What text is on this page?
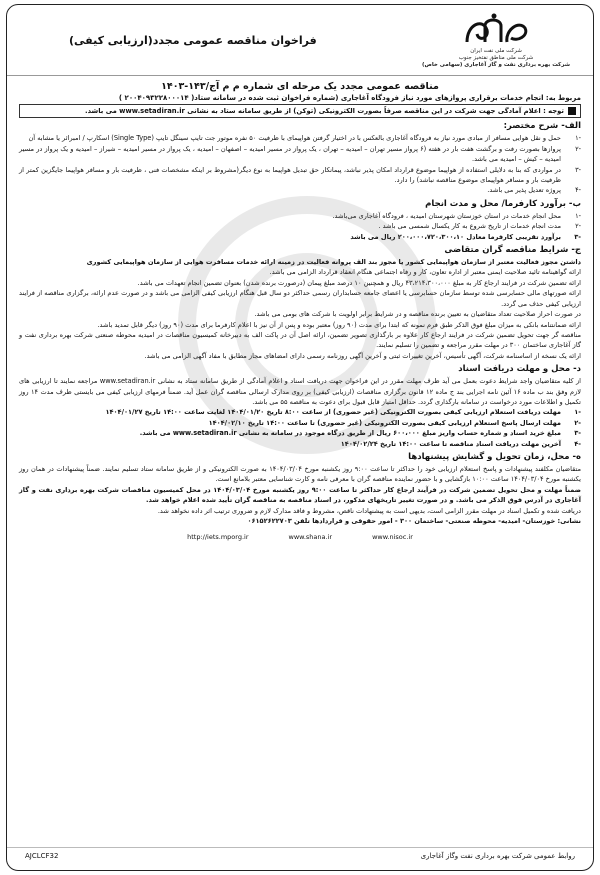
شرکت ملی نفت ایران
شرکت ملی مناطق نفتخیز جنوب
شرکت بهره برداری نفت و گاز آغاجاری (سهامی خاص)
فراخوان مناقصه عمومی مجدد(ارزیابی کیفی)
مناقصه عمومی مجدد یک مرحله ای شماره م م آج/۱۴۳-۱۴۰۳
مربوط به: انجام خدمات برقراری پروازهای مورد نیاز فرودگاه آغاجاری (شماره فراخوان ثبت شده در سامانه ستاد( ۲۰۰۴۰۹۳۲۲۸۰۰۰۱۴ )
توجه : اعلام آمادگی جهت شرکت در این مناقصه صرفاً بصورت الکترونیکی (توکن) از طریق سامانه ستاد به نشانی www.setadiran.ir می باشد.
الف- شرح مختصر:
-۱
حمل و نقل هوایی مسافر از مبادی مورد نیاز به فرودگاه آغاجاری بالعکس با در اختیار گرفتن هواپیمای با ظرفیت ۵۰ نفره موتور جت تایپ سینگل تایپ (Single Type) اسکارپ / امبرائر یا مشابه آن
-۲
پروازها بصورت رفت و برگشت هفت بار در هفته (۶ پرواز مسیر تهران – امیدیه – تهران ، یک پرواز در مسیر امیدیه – اصفهان – امیدیه ، یک پرواز در مسیر امیدیه – شیراز – امیدیه و یک پرواز در مسیر امیدیه – کیش – امیدیه می باشد.
-۳
در مواردی که بنا به دلایلی استفاده از هواپیما موضوع قرارداد امکان پذیر نباشد، پیمانکار حق تبدیل هواپیما به نوع دیگر(مشروط بر اینکه مشخصات فنی ، ظرفیت بار و مسافر هواپیما جایگزین کمتر از ظرفیت بار و مسافر هواپیمای موضوع مناقصه نباشد) را دارد.
-۴
پروژه تعدیل پذیر می باشد.
ب- برآورد کارفرما/ محل و مدت انجام
-۱
محل انجام خدمات در استان خوزستان شهرستان امیدیه ، فرودگاه آغاجاری می‌باشد.
-۲
مدت انجام خدمات از تاریخ شروع به کار یکسال شمسی می باشد .
-۳
برآورد تقریبی کارفرما معادل ۲۰۰،۰۰۰،۷۲۰،۳۰۰،۱۰ ریال می باشد
ج- شرایط مناقصه گران متقاضی
داشتن مجوز فعالیت معتبر از سازمان هواپیمایی کشور یا مجوز بند الف پروانه فعالیت در زمینه ارائه خدمات مسافرت هوایی از سازمان هواپیمایی کشوری
ارائه گواهینامه تائید صلاحیت ایمنی معتبر از اداره تعاون، کار و رفاه اجتماعی هنگام انعقاد قرارداد الزامی می باشد.
ارائه تضمین شرکت در فرایند ارجاع کار به مبلغ ۴۳،۲۱۴،۳۰۰،۰۰۰ ریال و همچنین ۱۰ درصد مبلغ پیمان (درصورت برنده شدن) بعنوان تضمین انجام تعهدات می باشد.
ارائه صورتهای مالی حسابرسی شده توسط سازمان حسابرسی یا اعضای جامعه حسابداران رسمی حداکثر دو سال قبل هنگام ارزیابی کیفی الزامی می باشد و در صورت عدم ارائه، برگزاری مناقصه از فرایند ارزیابی کیفی حذف می گردد.
در صورت احراز صلاحیت تعداد متقاضیان به تعیین برنده مناقصه و در شرایط برابر اولویت با شرکت های بومی می باشد.
ارائه ضمانتنامه بانکی به میزان مبلغ فوق الذکر طبق فرم نمونه که ابتدا برای مدت (۹۰ روز) معتبر بوده و پس از آن نیز با اعلام کارفرما برای مدت (۹۰ روز) دیگر قابل تمدید باشد.
مناقصه گر جهت تحویل تضمین شرکت در فرایند ارجاع کار علاوه بر بارگذاری تصویر تضمین، ارائه اصل آن در پاکت الف به دبیرخانه کمیسیون مناقصات در امیدیه محوطه صنعتی شرکت بهره برداری نفت و گاز آغاجاری ساختمان ۳۰۰ در مهلت مقرر مراجعه و تضمین را تسلیم نمایند.
ارائه یک نسخه از اساسنامه شرکت، آگهی تأسیس، آخرین تغییرات ثبتی و آخرین آگهی روزنامه رسمی دارای امضاهای مجاز مطابق با مفاد آگهی الزامی می باشد.
د- محل و مهلت دریافت اسناد
از کلیه متقاضیان واجد شرایط دعوت بعمل می آید ظرف مهلت مقرر در این فراخوان جهت دریافت اسناد و اعلام آمادگی از طریق سامانه ستاد به نشانی www.setadiran.ir مراجعه نمایند تا ارزیابی های لازم وفق بند ب ماده ۱۶ آئین نامه اجرایی بند ج ماده ۱۲ قانون برگزاری مناقصات (ارزیابی کیفی) بر روی مدارک ارسالی مناقصه گران عمل آید. ضمناً فرمهای ارزیابی کیفی می بایستی ظرف مدت ۱۴ روز تکمیل و اطلاعات مورد درخواست در سامانه بارگذاری گردد. حداقل امتیاز قابل قبول برای دعوت به مناقصه ۵۵ می باشد.
-۱
مهلت دریافت استعلام ارزیابی کیفی بصورت الکترونیکی (غیر حضوری) از ساعت ۸:۰۰ تاریخ ۱۴۰۴/۰۱/۲۰ لغایت ساعت ۱۴:۰۰ تاریخ ۱۴۰۴/۰۱/۲۷
-۲
مهلت ارسال پاسخ استعلام ارزیابی کیفی بصورت الکترونیکی (غیر حضوری) تا ساعت ۱۴:۰۰ تاریخ ۱۴۰۴/۰۲/۱۰
-۳
مبلغ خرید اسناد و شماره حساب واریز مبلغ ۶۰۰،۰۰۰ ریال از طریق درگاه موجود در سامانه به نشانی www.setadiran.ir می باشد.
-۴
آخرین مهلت دریافت اسناد مناقصه تا ساعت ۱۴:۰۰ تاریخ ۱۴۰۴/۰۲/۲۴
ه- محل، زمان تحویل و گشایش پیشنهادها
متقاضیان مکلفند پیشنهادات و پاسخ استعلام ارزیابی خود را حداکثر تا ساعت ۹:۰۰ روز یکشنبه مورخ ۱۴۰۴/۰۳/۰۴ به صورت الکترونیکی و از طریق سامانه ستاد تسلیم نمایند. ضمناً پیشنهادات در همان روز یکشنبه مورخ ۱۴۰۴/۰۳/۰۴ ساعت ۱۰:۰۰ بازگشایی و با حضور نماینده مناقصه گران با معرفی نامه و کارت شناسایی معتبر بلامانع است.
ضمناً مهلت و محل تحویل تضمین شرکت در فرآیند ارجاع کار حداکثر تا ساعت ۹:۰۰ روز یکشنبه مورخ ۱۴۰۴/۰۳/۰۴ در محل کمیسیون مناقصات شرکت بهره برداری نفت و گاز آغاجاری در آدرس فوق الذکر می باشد. و در صورت تغییر تاریخهای مذکور، در اسناد مناقصه به مناقصه گران تأیید شده اعلام خواهد شد.
دریافت شده و تکمیل اسناد در مهلت مقرر الزامی است، بدیهی است به پیشنهادات ناقص، مشروط و فاقد مدارک لازم و ضروری ترتیب اثر داده نخواهد شد.
نشانی: خوزستان- امیدیه- محوطه صنعتی- ساختمان ۳۰۰ - امور حقوقی و قراردادها تلفن ۰۶۱۵۲۶۲۲۷۰۳
http://iets.mporg.ir	www.shana.ir	www.nisoc.ir
روابط عمومی شرکت بهره برداری نفت وگاز آغاجاری
AJCLCF32
